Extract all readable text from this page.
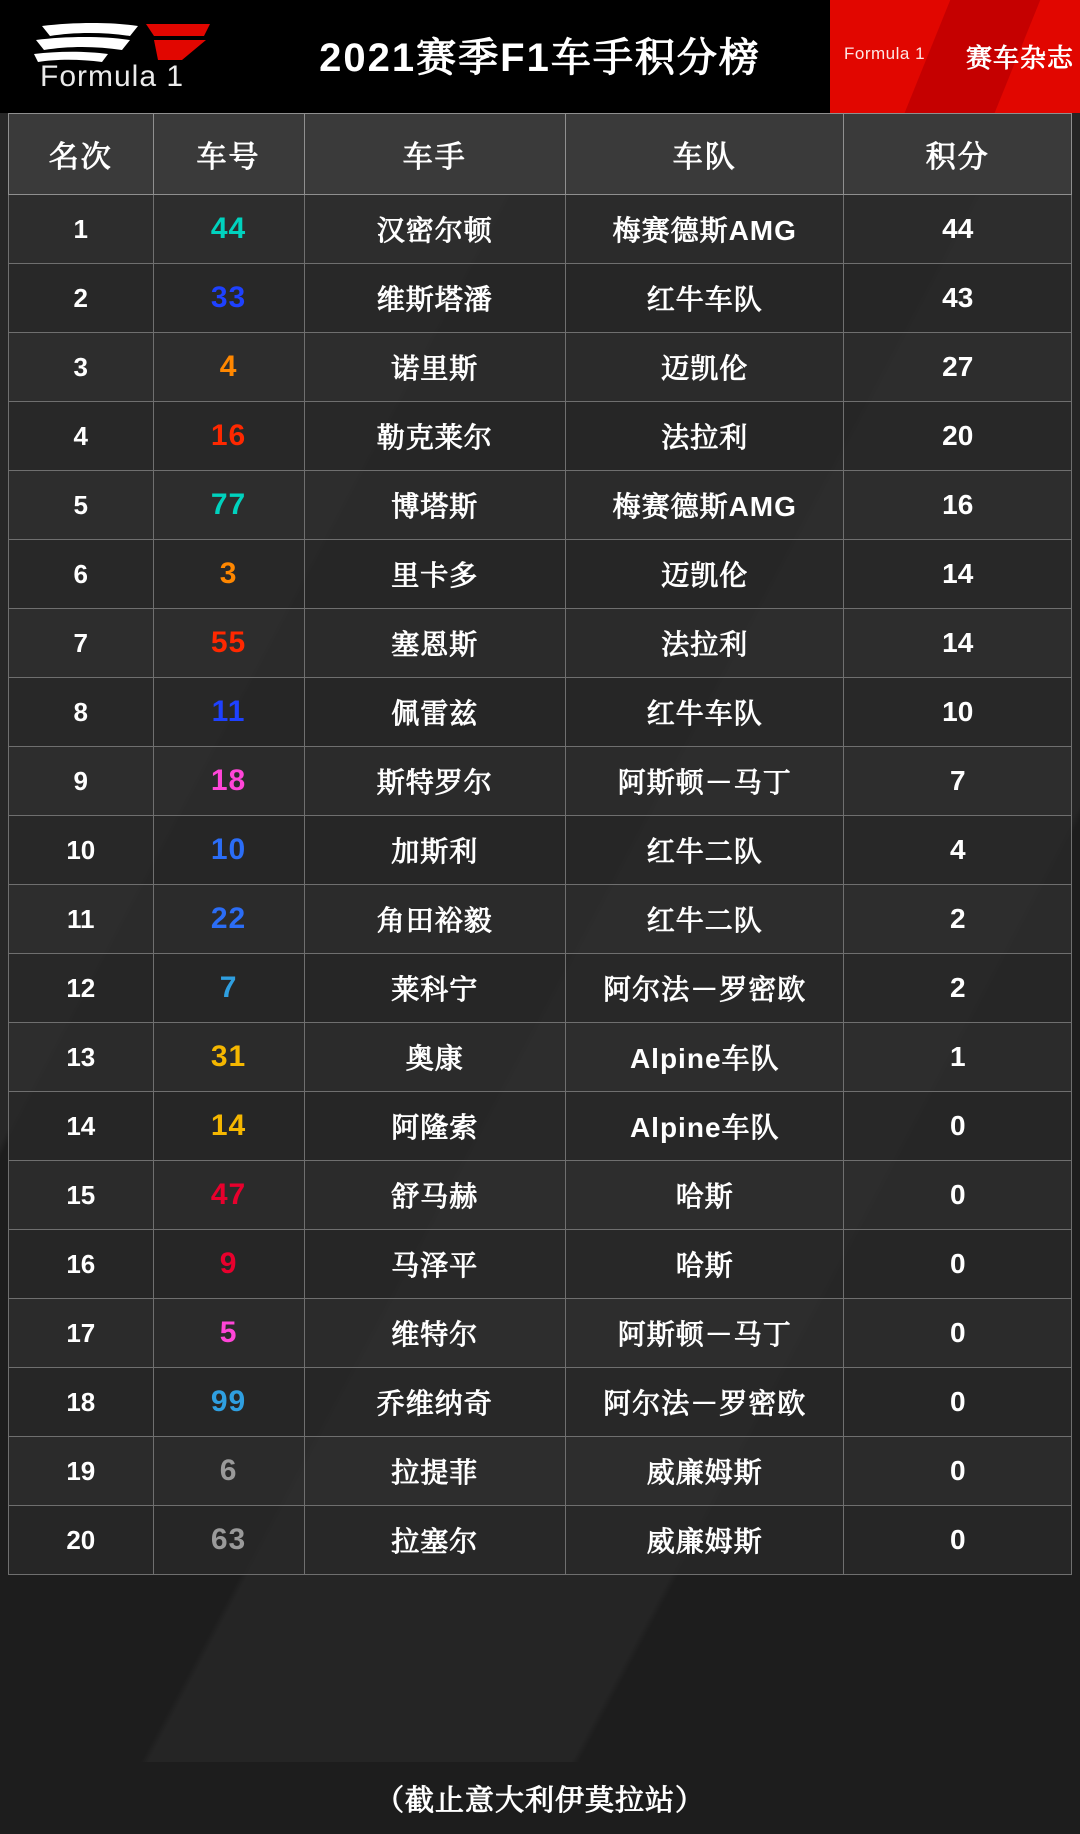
Formula 1	2021赛季F1车手积分榜	Formula 1 赛车杂志
名次	车号	车手	车队	积分
1	44	汉密尔顿	梅赛德斯AMG	44
2	33	维斯塔潘	红牛车队	43
3	4	诺里斯	迈凯伦	27
4	16	勒克莱尔	法拉利	20
5	77	博塔斯	梅赛德斯AMG	16
6	3	里卡多	迈凯伦	14
7	55	塞恩斯	法拉利	14
8	11	佩雷兹	红牛车队	10
9	18	斯特罗尔	阿斯顿－马丁	7
10	10	加斯利	红牛二队	4
11	22	角田裕毅	红牛二队	2
12	7	莱科宁	阿尔法－罗密欧	2
13	31	奥康	Alpine车队	1
14	14	阿隆索	Alpine车队	0
15	47	舒马赫	哈斯	0
16	9	马泽平	哈斯	0
17	5	维特尔	阿斯顿－马丁	0
18	99	乔维纳奇	阿尔法－罗密欧	0
19	6	拉提菲	威廉姆斯	0
20	63	拉塞尔	威廉姆斯	0
（截止意大利伊莫拉站）
